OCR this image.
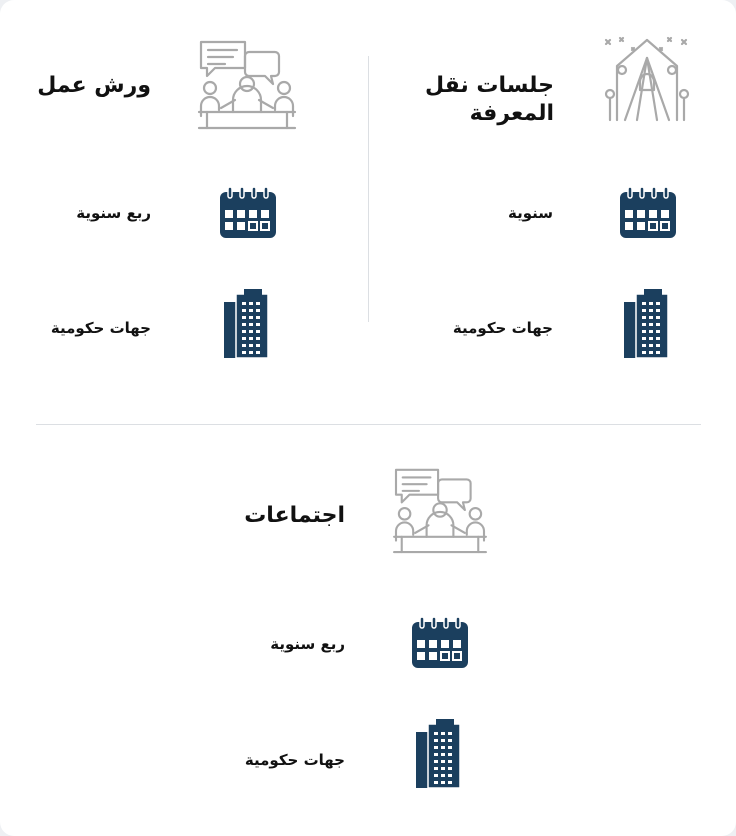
جلسات نقل المعرفة
سنوية
جهات حكومية
ورش عمل
ربع سنوية
جهات حكومية
اجتماعات
ربع سنوية
جهات حكومية
